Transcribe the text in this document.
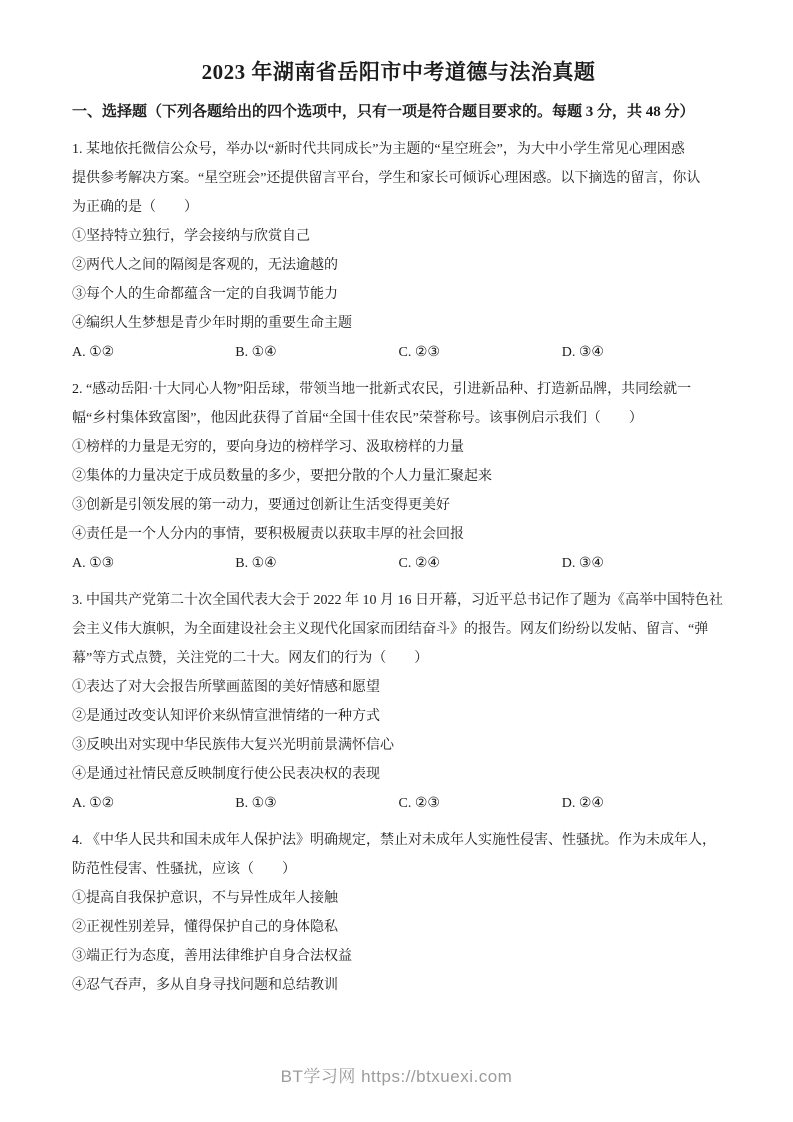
2023 年湖南省岳阳市中考道德与法治真题
一、选择题（下列各题给出的四个选项中，只有一项是符合题目要求的。每题 3 分，共 48 分）

1. 某地依托微信公众号，举办以“新时代共同成长”为主题的“星空班会”，为大中小学生常见心理困惑

提供参考解决方案。“星空班会”还提供留言平台，学生和家长可倾诉心理困惑。以下摘选的留言，你认

为正确的是（　　）

①坚持特立独行，学会接纳与欣赏自己

②两代人之间的隔阂是客观的，无法逾越的

③每个人的生命都蕴含一定的自我调节能力

④编织人生梦想是青少年时期的重要生命主题

A. ①②	B. ①④	C. ②③	D. ③④

2. “感动岳阳·十大同心人物”阳岳球，带领当地一批新式农民，引进新品种、打造新品牌，共同绘就一

幅“乡村集体致富图”，他因此获得了首届“全国十佳农民”荣誉称号。该事例启示我们（　　）

①榜样的力量是无穷的，要向身边的榜样学习、汲取榜样的力量

②集体的力量决定于成员数量的多少，要把分散的个人力量汇聚起来

③创新是引领发展的第一动力，要通过创新让生活变得更美好

④责任是一个人分内的事情，要积极履责以获取丰厚的社会回报

A. ①③	B. ①④	C. ②④	D. ③④

3. 中国共产党第二十次全国代表大会于 2022 年 10 月 16 日开幕，习近平总书记作了题为《高举中国特色社

会主义伟大旗帜，为全面建设社会主义现代化国家而团结奋斗》的报告。网友们纷纷以发帖、留言、“弹

幕”等方式点赞，关注党的二十大。网友们的行为（　　）

①表达了对大会报告所擘画蓝图的美好情感和愿望

②是通过改变认知评价来纵情宣泄情绪的一种方式

③反映出对实现中华民族伟大复兴光明前景满怀信心

④是通过社情民意反映制度行使公民表决权的表现

A. ①②	B. ①③	C. ②③	D. ②④

4. 《中华人民共和国未成年人保护法》明确规定，禁止对未成年人实施性侵害、性骚扰。作为未成年人，

防范性侵害、性骚扰，应该（　　）

①提高自我保护意识，不与异性成年人接触

②正视性别差异，懂得保护自己的身体隐私

③端正行为态度，善用法律维护自身合法权益

④忍气吞声，多从自身寻找问题和总结教训

BT学习网 https://btxuexi.com
